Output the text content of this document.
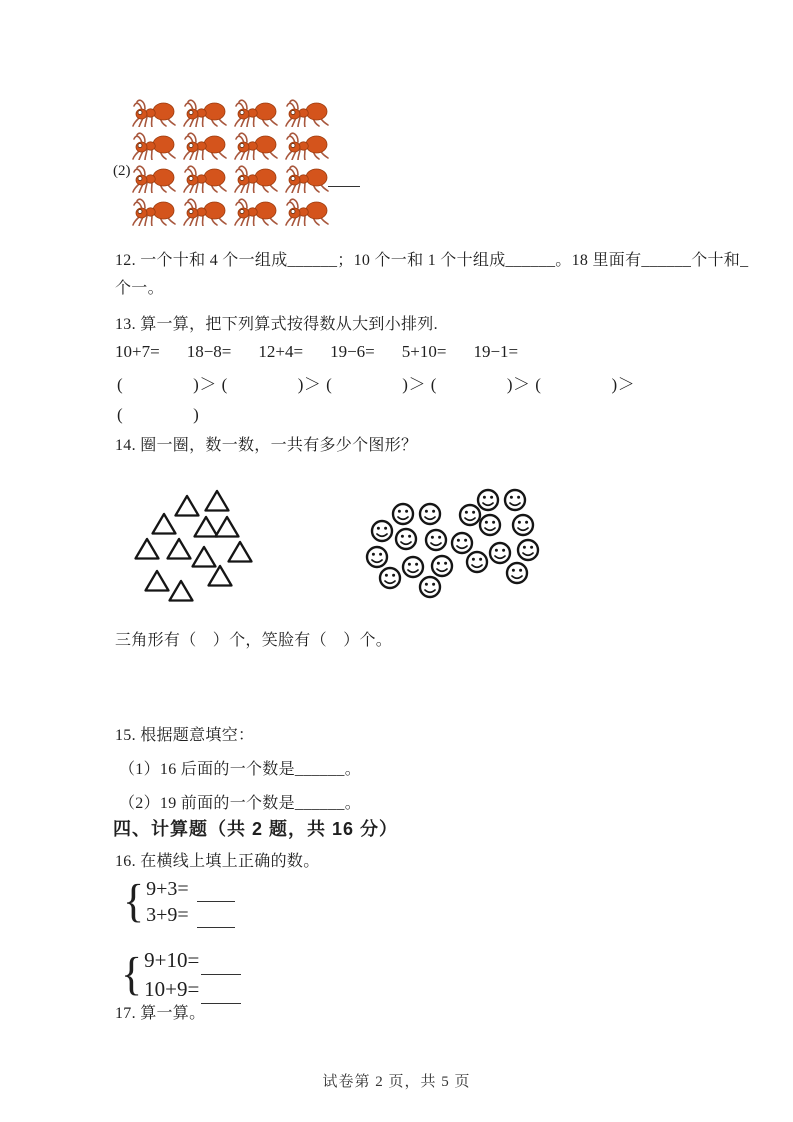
(2)
12. 一个十和 4 个一组成______；10 个一和 1 个十组成______。18 里面有______个十和_
个一。
13. 算一算，把下列算式按得数从大到小排列.
10+7= 18−8= 12+4= 19−6= 5+10= 19−1=
(　　　　)＞ (　　　　)＞ (　　　　)＞ (　　　　)＞ (　　　　)＞
(　　　　)
14. 圈一圈，数一数，一共有多少个图形？
三角形有（　）个，笑脸有（　）个。
15. 根据题意填空：
（1）16 后面的一个数是______。
（2）19 前面的一个数是______。
四、计算题（共 2 题，共 16 分）
16. 在横线上填上正确的数。
{ 9+3=
3+9=
{ 9+10=
10+9=
17. 算一算。
试卷第 2 页，共 5 页
